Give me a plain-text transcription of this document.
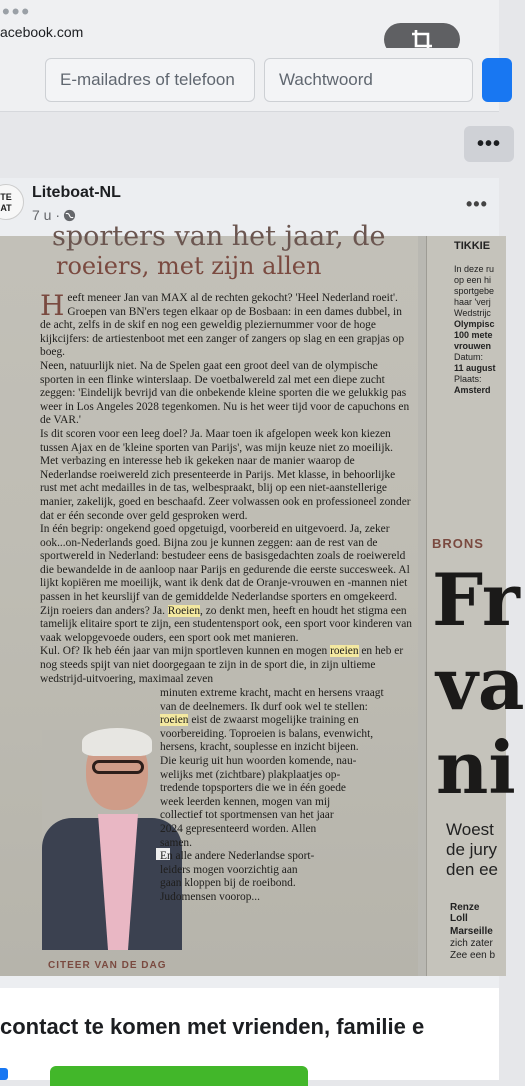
•••
acebook.com
E-mailadres of telefoon	Wachtwoord
•••
TE
AT
Liteboat-NL
7 u ·
•••
sporters van het jaar, de
roeiers, met zijn allen

Heeft meneer Jan van MAX al de rechten gekocht? 'Heel Nederland roeit'. Groepen van BN'ers tegen elkaar op de Bosbaan: in een dames dubbel, in de acht, zelfs in de skif en nog een geweldig pleziernummer voor de hoge kijkcijfers: de artiestenboot met een zanger of zangers op slag en een grapjas op boeg.

Neen, natuurlijk niet. Na de Spelen gaat een groot deel van de olympische sporten in een flinke winterslaap. De voetbalwereld zal met een diepe zucht zeggen: 'Eindelijk bevrijd van die onbekende kleine sporten die we gelukkig pas weer in Los Angeles 2028 tegenkomen. Nu is het weer tijd voor de capuchons en de VAR.'

Is dit scoren voor een leeg doel? Ja. Maar toen ik afgelopen week kon kiezen tussen Ajax en de 'kleine sporten van Parijs', was mijn keuze niet zo moeilijk.

Met verbazing en interesse heb ik gekeken naar de manier waarop de Nederlandse roeiwereld zich presenteerde in Parijs. Met klasse, in behoorlijke rust met acht medailles in de tas, welbespraakt, blij op een niet-aanstellerige manier, zakelijk, goed en beschaafd. Zeer volwassen ook en professioneel zonder dat er één seconde over geld gesproken werd.

In één begrip: ongekend goed opgetuigd, voorbereid en uitgevoerd. Ja, zeker ook...on-Nederlands goed. Bijna zou je kunnen zeggen: aan de rest van de sportwereld in Nederland: bestudeer eens de basisgedachten zoals de roeiwereld die bewandelde in de aanloop naar Parijs en gedurende die eerste succesweek. Al lijkt kopiëren me moeilijk, want ik denk dat de Oranje-vrouwen en -mannen niet passen in het keurslijf van de gemiddelde Nederlandse sporters en omgekeerd.

Zijn roeiers dan anders? Ja. Roeien, zo denkt men, heeft en houdt het stigma een tamelijk elitaire sport te zijn, een studentensport ook, een sport voor kinderen van vaak welopgevoede ouders, een sport ook met manieren.

Kul. Of? Ik heb één jaar van mijn sportleven kunnen en mogen roeien en heb er nog steeds spijt van niet doorgegaan te zijn in de sport die, in zijn ultieme wedstrijd-uitvoering, maximaal zeven

minuten extreme kracht, macht en hersens vraagt
van de deelnemers. Ik durf ook wel te stellen:
roeien eist de zwaarst mogelijke training en
voorbereiding. Toproeien is balans, evenwicht,
hersens, kracht, souplesse en inzicht bijeen.
Die keurig uit hun woorden komende, nau-
welijks met (zichtbare) plakplaatjes op-
tredende topsporters die we in één goede
week leerden kennen, mogen van mij
collectief tot sportmensen van het jaar
2024 gepresenteerd worden. Allen
samen.
En alle andere Nederlandse sport-
leiders mogen voorzichtig aan
gaan kloppen bij de roeibond.
Judomensen voorop...
TIKKIE
In deze ru
op een hi
sportgebe
haar 'verj
Wedstrijc
Olympisc
100 mete
vrouwen
Datum:
11 august
Plaats:
Amsterd
BRONS
Fr
va
ni
Woest de jury den ee
Renze Loll
Marseille
zich zater Zee een b
CITEER VAN DE DAG
contact te komen met vrienden, familie e
